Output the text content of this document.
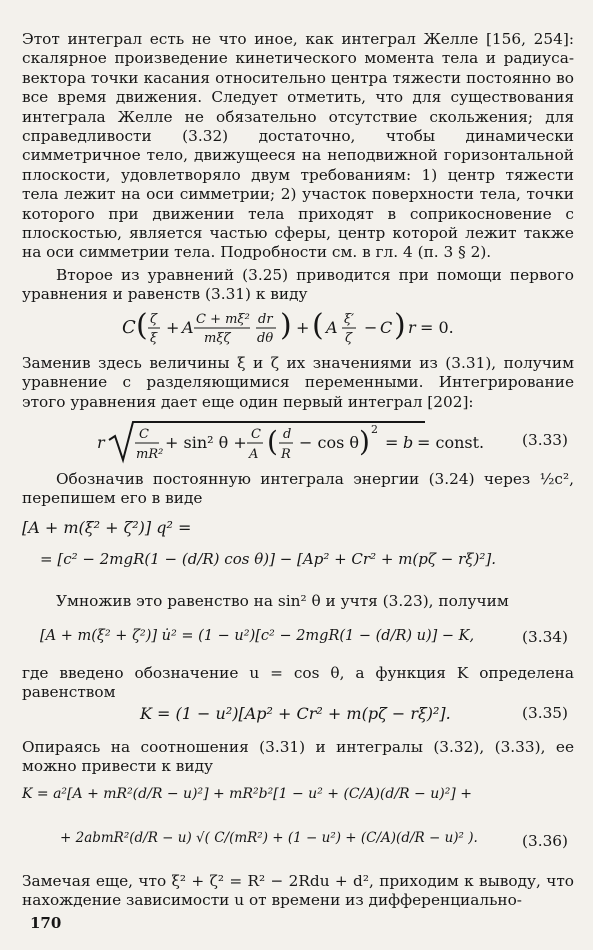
Этот интеграл есть не что иное, как интеграл Желле [156, 254]: скалярное произведение кинетического момента тела и радиуса-вектора точки касания относительно центра тяжести постоянно во все время движения. Следует отметить, что для существования интеграла Желле не обязательно отсутствие скольжения; для справедливости (3.32) достаточно, чтобы динамически симметричное тело, движущееся на неподвижной горизонтальной плоскости, удовлетворяло двум требованиям: 1) центр тяжести тела лежит на оси симметрии; 2) участок поверхности тела, точки которого при движении тела приходят в соприкосновение с плоскостью, является частью сферы, центр которой лежит также на оси симметрии тела. Подробности см. в гл. 4 (п. 3 § 2).

Второе из уравнений (3.25) приводится при помощи первого уравнения и равенств (3.31) к виду

C ( ζ
ξ
+ A C + mξ²
mξζ
dr
dθ ) + ( A ξ′
ζ
− C ) r = 0.

Заменив здесь величины ξ и ζ их значениями из (3.31), получим уравнение с разделяющимися переменными. Интегрирование этого уравнения дает еще один первый интеграл [202]:

r	C
mR²
+ sin² θ + C
A ( d
R
− cos θ ) 2
= b = const. (3.33)

Обозначив постоянную интеграла энергии (3.24) через ½c², перепишем его в виде

[A + m(ξ² + ζ²)] q² =
= [c² − 2mgR(1 − (d/R) cos θ)] − [Ap² + Cr² + m(pζ − rξ)²].

Умножив это равенство на sin² θ и учтя (3.23), получим

[A + m(ξ² + ζ²)] u̇² = (1 − u²)[c² − 2mgR(1 − (d/R) u)] − K,	(3.34)

где введено обозначение u = cos θ, а функция K определена равенством

K = (1 − u²)[Ap² + Cr² + m(pζ − rξ)²].	(3.35)

Опираясь на соотношения (3.31) и интегралы (3.32), (3.33), ее можно привести к виду

K = a²[A + mR²(d/R − u)²] + mR²b²[1 − u² + (C/A)(d/R − u)²] +
+ 2abmR²(d/R − u) √( C/(mR²) + (1 − u²) + (C/A)(d/R − u)² ).	(3.36)

Замечая еще, что ξ² + ζ² = R² − 2Rdu + d², приходим к выводу, что нахождение зависимости u от времени из дифференциально-

170
